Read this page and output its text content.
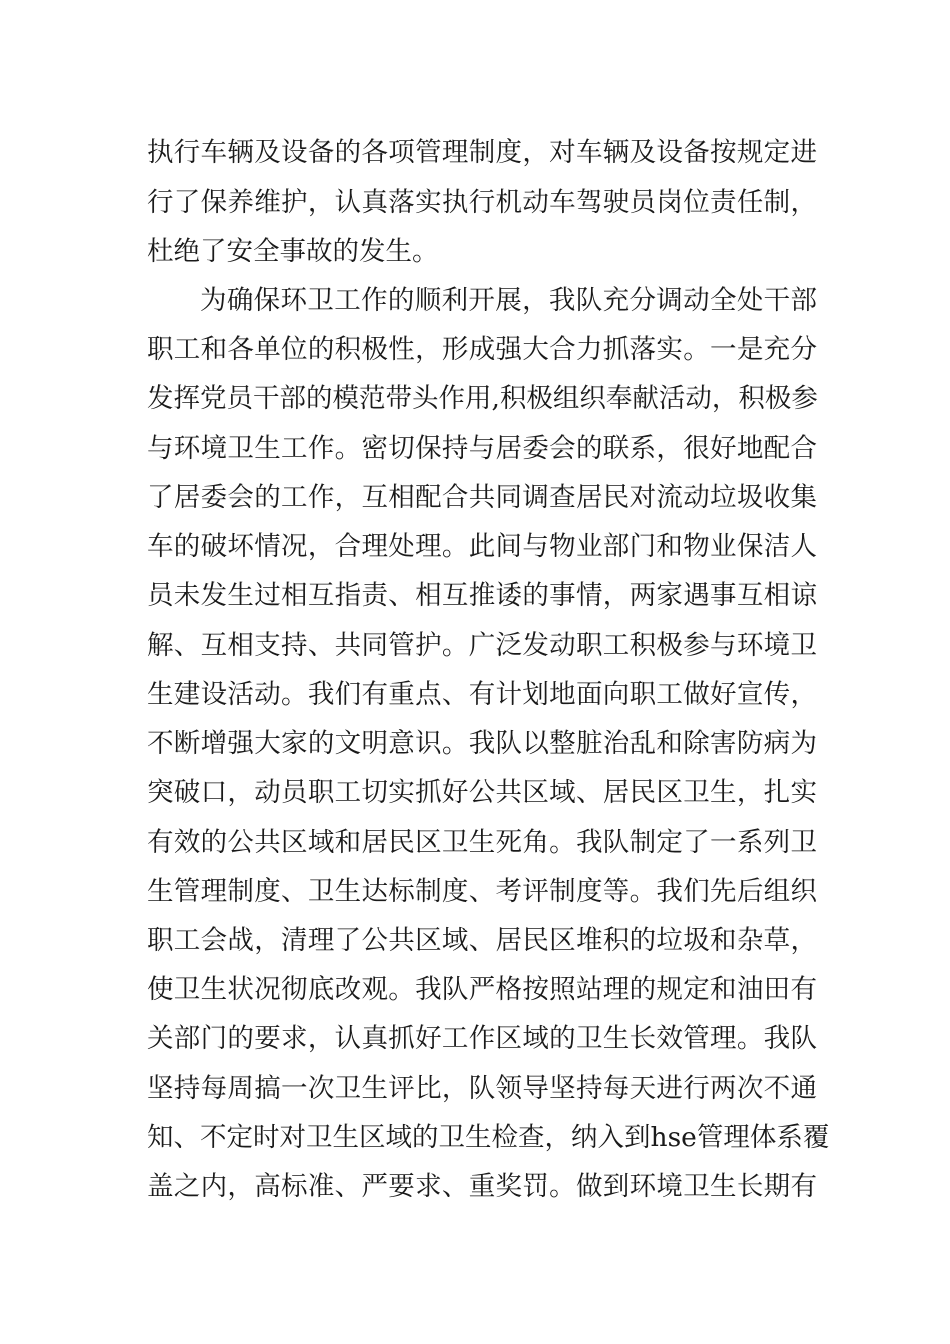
执行车辆及设备的各项管理制度，对车辆及设备按规定进
行了保养维护，认真落实执行机动车驾驶员岗位责任制，
杜绝了安全事故的发生。
为确保环卫工作的顺利开展，我队充分调动全处干部
职工和各单位的积极性，形成强大合力抓落实。一是充分
发挥党员干部的模范带头作用,积极组织奉献活动，积极参
与环境卫生工作。密切保持与居委会的联系，很好地配合
了居委会的工作，互相配合共同调查居民对流动垃圾收集
车的破坏情况，合理处理。此间与物业部门和物业保洁人
员未发生过相互指责、相互推诿的事情，两家遇事互相谅
解、互相支持、共同管护。广泛发动职工积极参与环境卫
生建设活动。我们有重点、有计划地面向职工做好宣传，
不断增强大家的文明意识。我队以整脏治乱和除害防病为
突破口，动员职工切实抓好公共区域、居民区卫生，扎实
有效的公共区域和居民区卫生死角。我队制定了一系列卫
生管理制度、卫生达标制度、考评制度等。我们先后组织
职工会战，清理了公共区域、居民区堆积的垃圾和杂草，
使卫生状况彻底改观。我队严格按照站理的规定和油田有
关部门的要求，认真抓好工作区域的卫生长效管理。我队
坚持每周搞一次卫生评比，队领导坚持每天进行两次不通
知、不定时对卫生区域的卫生检查，纳入到hse管理体系覆
盖之内，高标准、严要求、重奖罚。做到环境卫生长期有
